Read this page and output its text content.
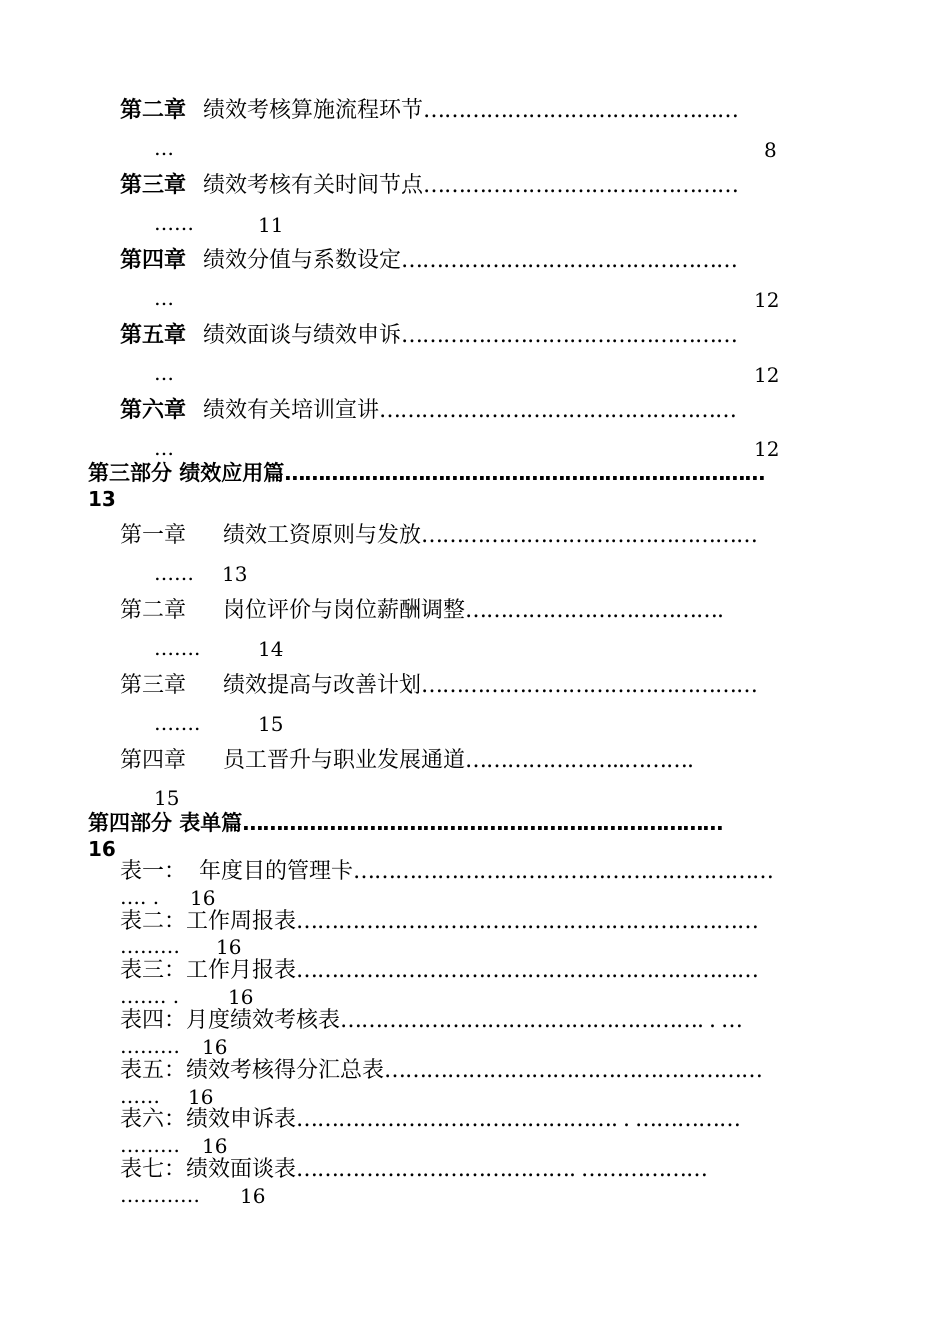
第二章 绩效考核算施流程环节………………………………………
…	8
第三章 绩效考核有关时间节点………………………………………
……	11
第四章 绩效分值与系数设定…………………………………………
…	12
第五章 绩效面谈与绩效申诉…………………………………………
…	12
第六章 绩效有关培训宣讲……………………………………………
…	12
第三部分 绩效应用篇………………………………………………………………
13
第一章 绩效工资原则与发放…………………………………………
…… 13
第二章 岗位评价与岗位薪酬调整……………………………….
…….	14
第三章 绩效提高与改善计划…………………………………………
…….	15
第四章 员工晋升与职业发展通道…………………..……….
15
第四部分 表单篇………………………………………………………………
16
表一： 年度目的管理卡……………………………………………………
…. . 16
表二：工作周报表…………………………………………………………
……… 16
表三：工作月报表…………………………………………………………
……. . 16
表四：月度绩效考核表……………………………………………. . …
……… 16
表五：绩效考核得分汇总表………………………………………………
…… 16
表六：绩效申诉表………………………………………. . ……………
……… 16
表七：绩效面谈表…………………………………. ………………
………… 16
